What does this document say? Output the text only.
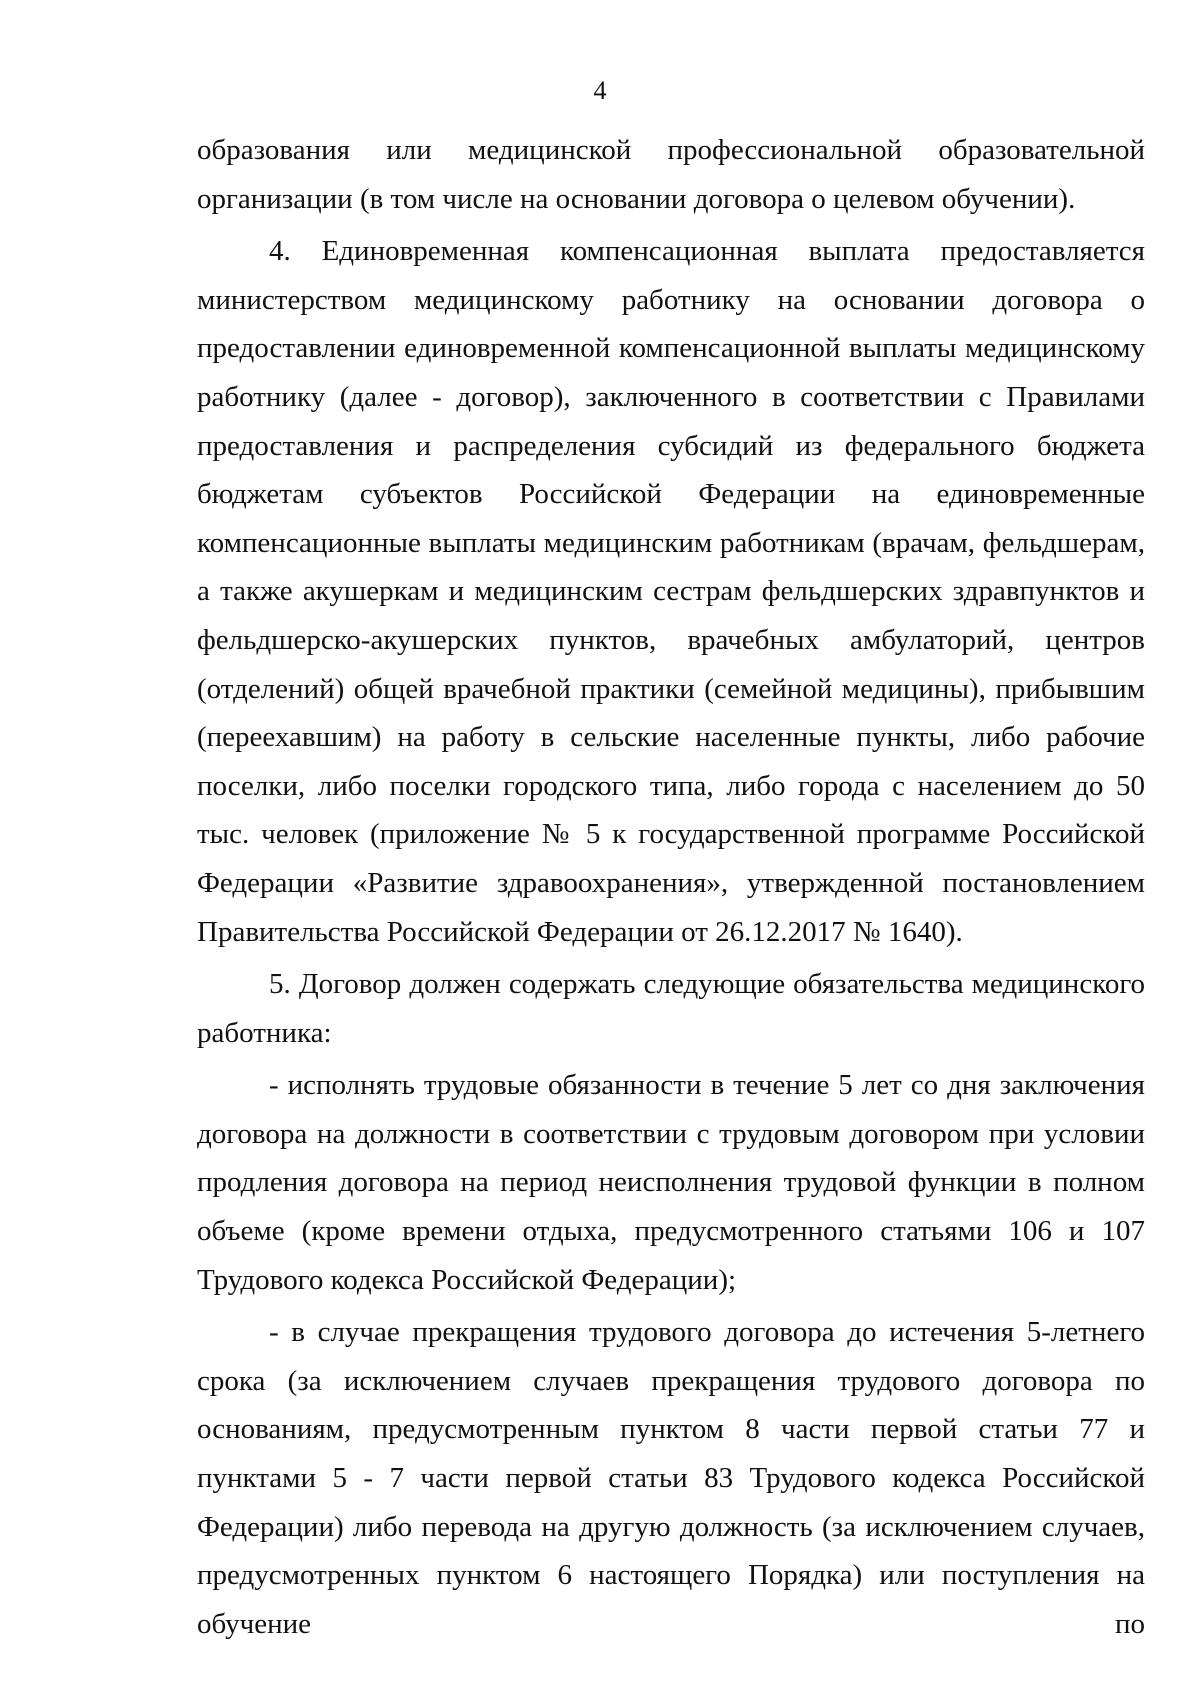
4

образования или медицинской профессиональной образовательной организации (в том числе на основании договора о целевом обучении).

4. Единовременная компенсационная выплата предоставляется министерством медицинскому работнику на основании договора о предоставлении единовременной компенсационной выплаты медицинскому работнику (далее - договор), заключенного в соответствии с Правилами предоставления и распределения субсидий из федерального бюджета бюджетам субъектов Российской Федерации на единовременные компенсационные выплаты медицинским работникам (врачам, фельдшерам, а также акушеркам и медицинским сестрам фельдшерских здравпунктов и фельдшерско-акушерских пунктов, врачебных амбулаторий, центров (отделений) общей врачебной практики (семейной медицины), прибывшим (переехавшим) на работу в сельские населенные пункты, либо рабочие поселки, либо поселки городского типа, либо города с населением до 50 тыс. человек (приложение № 5 к государственной программе Российской Федерации «Развитие здравоохранения», утвержденной постановлением Правительства Российской Федерации от 26.12.2017 № 1640).

5. Договор должен содержать следующие обязательства медицинского работника:

- исполнять трудовые обязанности в течение 5 лет со дня заключения договора на должности в соответствии с трудовым договором при условии продления договора на период неисполнения трудовой функции в полном объеме (кроме времени отдыха, предусмотренного статьями 106 и 107 Трудового кодекса Российской Федерации);

- в случае прекращения трудового договора до истечения 5-летнего срока (за исключением случаев прекращения трудового договора по основаниям, предусмотренным пунктом 8 части первой статьи 77 и пунктами 5 - 7 части первой статьи 83 Трудового кодекса Российской Федерации) либо перевода на другую должность (за исключением случаев, предусмотренных пунктом 6 настоящего Порядка) или поступления на обучение по
